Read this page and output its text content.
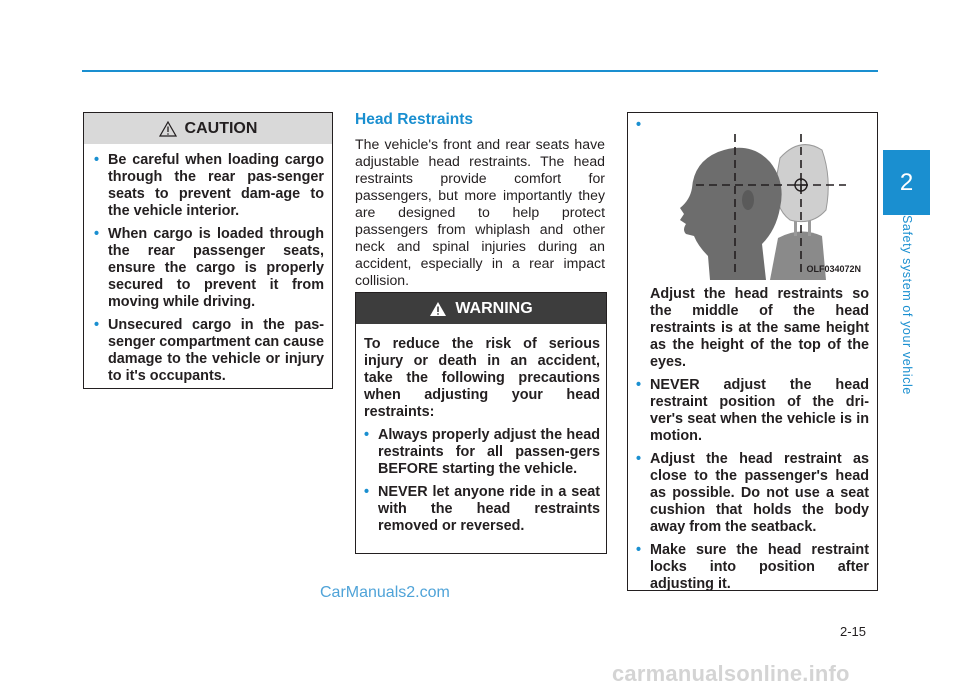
2
Safety system of your vehicle
CAUTION
• Be careful when loading cargo through the rear pas-senger seats to prevent dam-age to the vehicle interior.
• When cargo is loaded through the rear passenger seats, ensure the cargo is properly secured to prevent it from moving while driving.
• Unsecured cargo in the pas-senger compartment can cause damage to the vehicle or injury to it's occupants.
Head Restraints
The vehicle's front and rear seats have adjustable head restraints. The head restraints provide comfort for passengers, but more importantly they are designed to help protect passengers from whiplash and other neck and spinal injuries during an accident, especially in a rear impact collision.
WARNING
To reduce the risk of serious injury or death in an accident, take the following precautions when adjusting your head restraints:
• Always properly adjust the head restraints for all passen-gers BEFORE starting the vehicle.
• NEVER let anyone ride in a seat with the head restraints removed or reversed.
•
OLF034072N
Adjust the head restraints so the middle of the head restraints is at the same height as the height of the top of the eyes.
• NEVER adjust the head restraint position of the dri-ver's seat when the vehicle is in motion.
• Adjust the head restraint as close to the passenger's head as possible. Do not use a seat cushion that holds the body away from the seatback.
• Make sure the head restraint locks into position after adjusting it.
CarManuals2.com
2-15
carmanualsonline.info
